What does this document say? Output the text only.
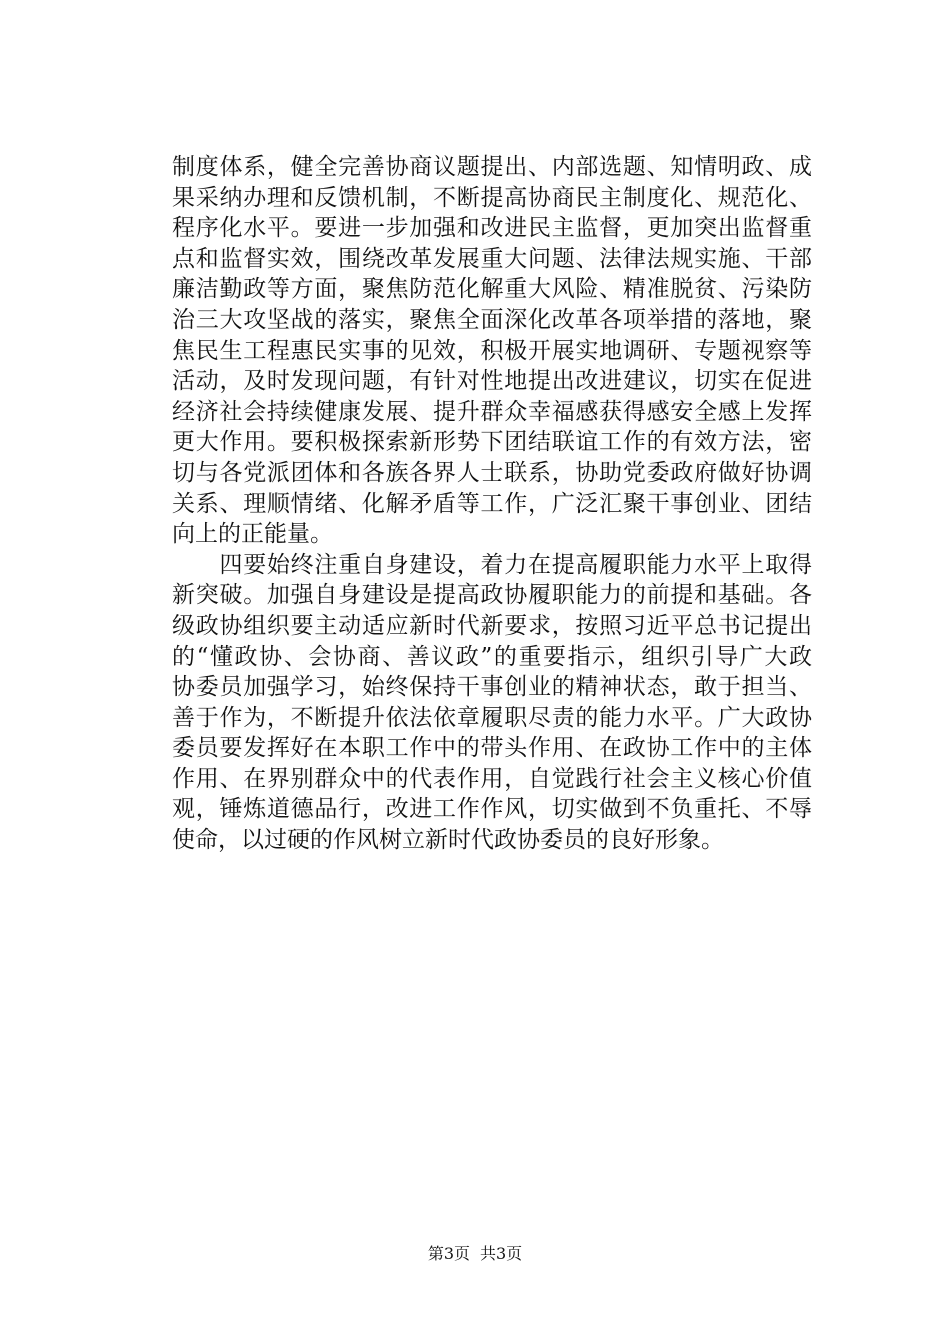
制度体系，健全完善协商议题提出、内部选题、知情明政、成
果采纳办理和反馈机制，不断提高协商民主制度化、规范化、
程序化水平。要进一步加强和改进民主监督，更加突出监督重
点和监督实效，围绕改革发展重大问题、法律法规实施、干部
廉洁勤政等方面，聚焦防范化解重大风险、精准脱贫、污染防
治三大攻坚战的落实，聚焦全面深化改革各项举措的落地，聚
焦民生工程惠民实事的见效，积极开展实地调研、专题视察等
活动，及时发现问题，有针对性地提出改进建议，切实在促进
经济社会持续健康发展、提升群众幸福感获得感安全感上发挥
更大作用。要积极探索新形势下团结联谊工作的有效方法，密
切与各党派团体和各族各界人士联系，协助党委政府做好协调
关系、理顺情绪、化解矛盾等工作，广泛汇聚干事创业、团结
向上的正能量。
　　四要始终注重自身建设，着力在提高履职能力水平上取得
新突破。加强自身建设是提高政协履职能力的前提和基础。各
级政协组织要主动适应新时代新要求，按照习近平总书记提出
的“懂政协、会协商、善议政”的重要指示，组织引导广大政
协委员加强学习，始终保持干事创业的精神状态，敢于担当、
善于作为，不断提升依法依章履职尽责的能力水平。广大政协
委员要发挥好在本职工作中的带头作用、在政协工作中的主体
作用、在界别群众中的代表作用，自觉践行社会主义核心价值
观，锤炼道德品行，改进工作作风，切实做到不负重托、不辱
使命，以过硬的作风树立新时代政协委员的良好形象。
第3页 共3页
